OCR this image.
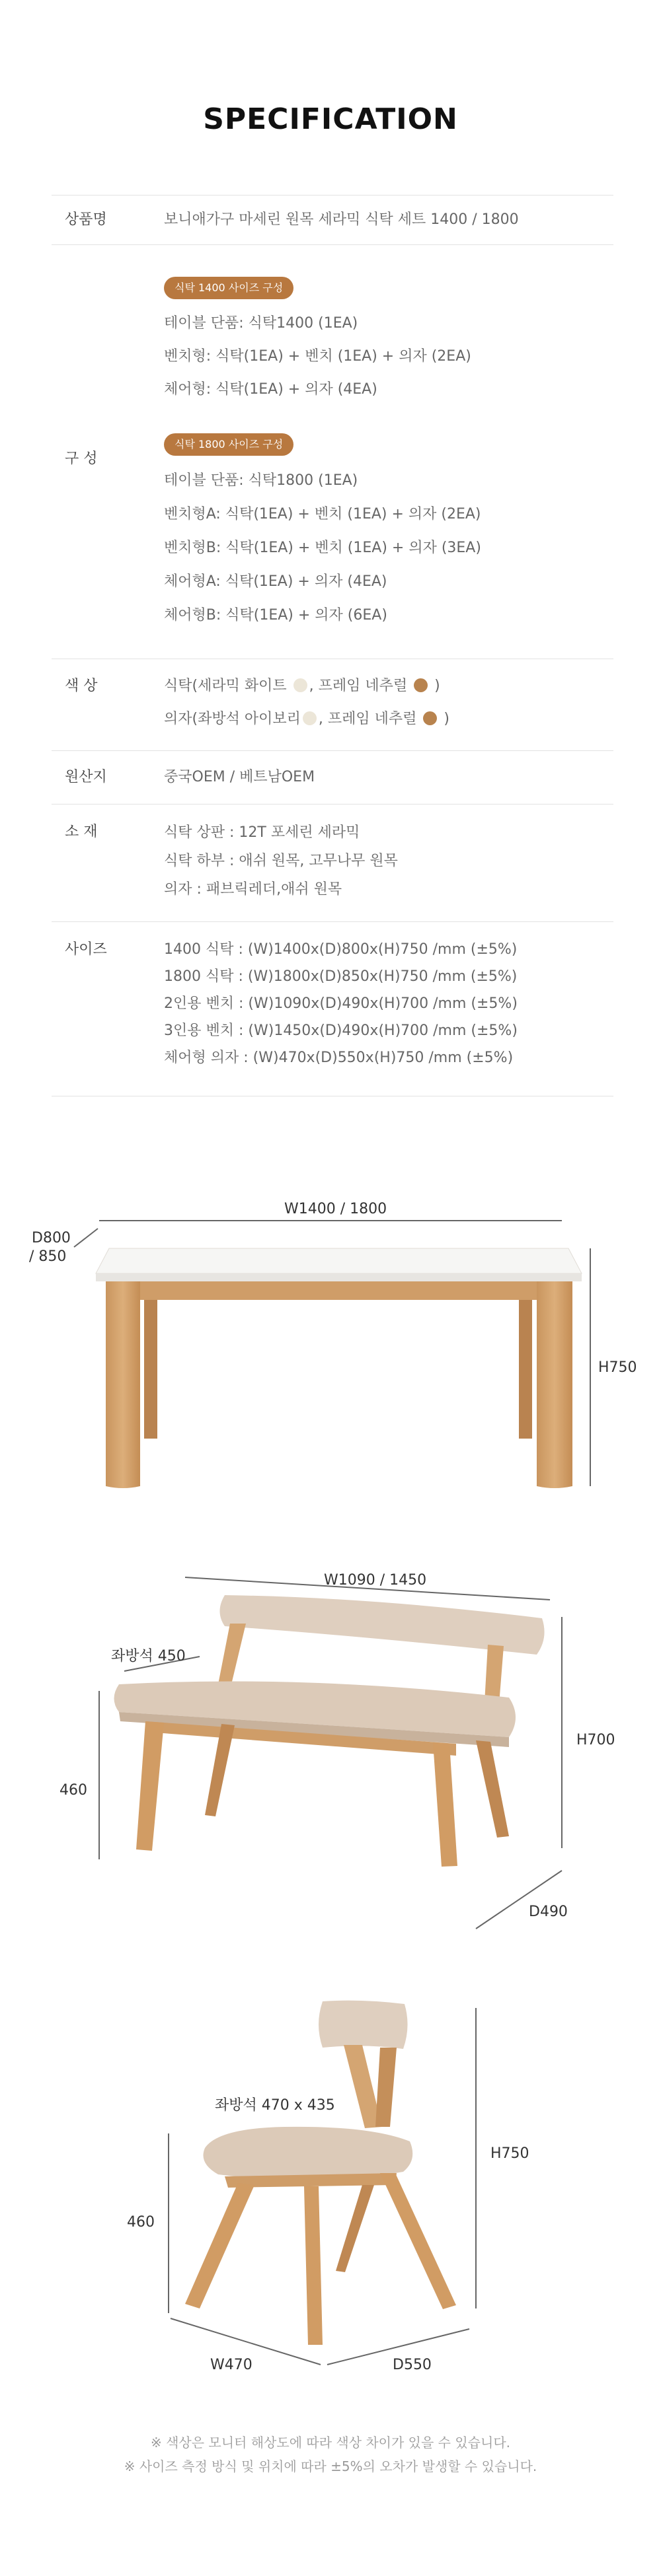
SPECIFICATION
상품명	보니애가구 마세린 원목 세라믹 식탁 세트 1400 / 1800
구 성
식탁 1400 사이즈 구성
테이블 단품: 식탁1400 (1EA)
벤치형: 식탁(1EA) + 벤치 (1EA) + 의자 (2EA)
체어형: 식탁(1EA) + 의자 (4EA)
식탁 1800 사이즈 구성
테이블 단품: 식탁1800 (1EA)
벤치형A: 식탁(1EA) + 벤치 (1EA) + 의자 (2EA)
벤치형B: 식탁(1EA) + 벤치 (1EA) + 의자 (3EA)
체어형A: 식탁(1EA) + 의자 (4EA)
체어형B: 식탁(1EA) + 의자 (6EA)
색 상	식탁(세라믹 화이트 , 프레임 네추럴  )
의자(좌방석 아이보리 , 프레임 네추럴  )
원산지	중국OEM / 베트남OEM
소 재	식탁 상판 : 12T 포세린 세라믹
식탁 하부 : 애쉬 원목, 고무나무 원목
의자 : 패브릭레더,애쉬 원목
사이즈	1400 식탁 : (W)1400x(D)800x(H)750 /mm (±5%)
1800 식탁 : (W)1800x(D)850x(H)750 /mm (±5%)
2인용 벤치 : (W)1090x(D)490x(H)700 /mm (±5%)
3인용 벤치 : (W)1450x(D)490x(H)700 /mm (±5%)
체어형 의자 : (W)470x(D)550x(H)750 /mm (±5%)
W1400 / 1800
D800
/ 850
H750
W1090 / 1450
좌방석 450
460
H700
D490
좌방석 470 x 435
460
H750
W470	D550
※ 색상은 모니터 해상도에 따라 색상 차이가 있을 수 있습니다.
※ 사이즈 측정 방식 및 위치에 따라 ±5%의 오차가 발생할 수 있습니다.
